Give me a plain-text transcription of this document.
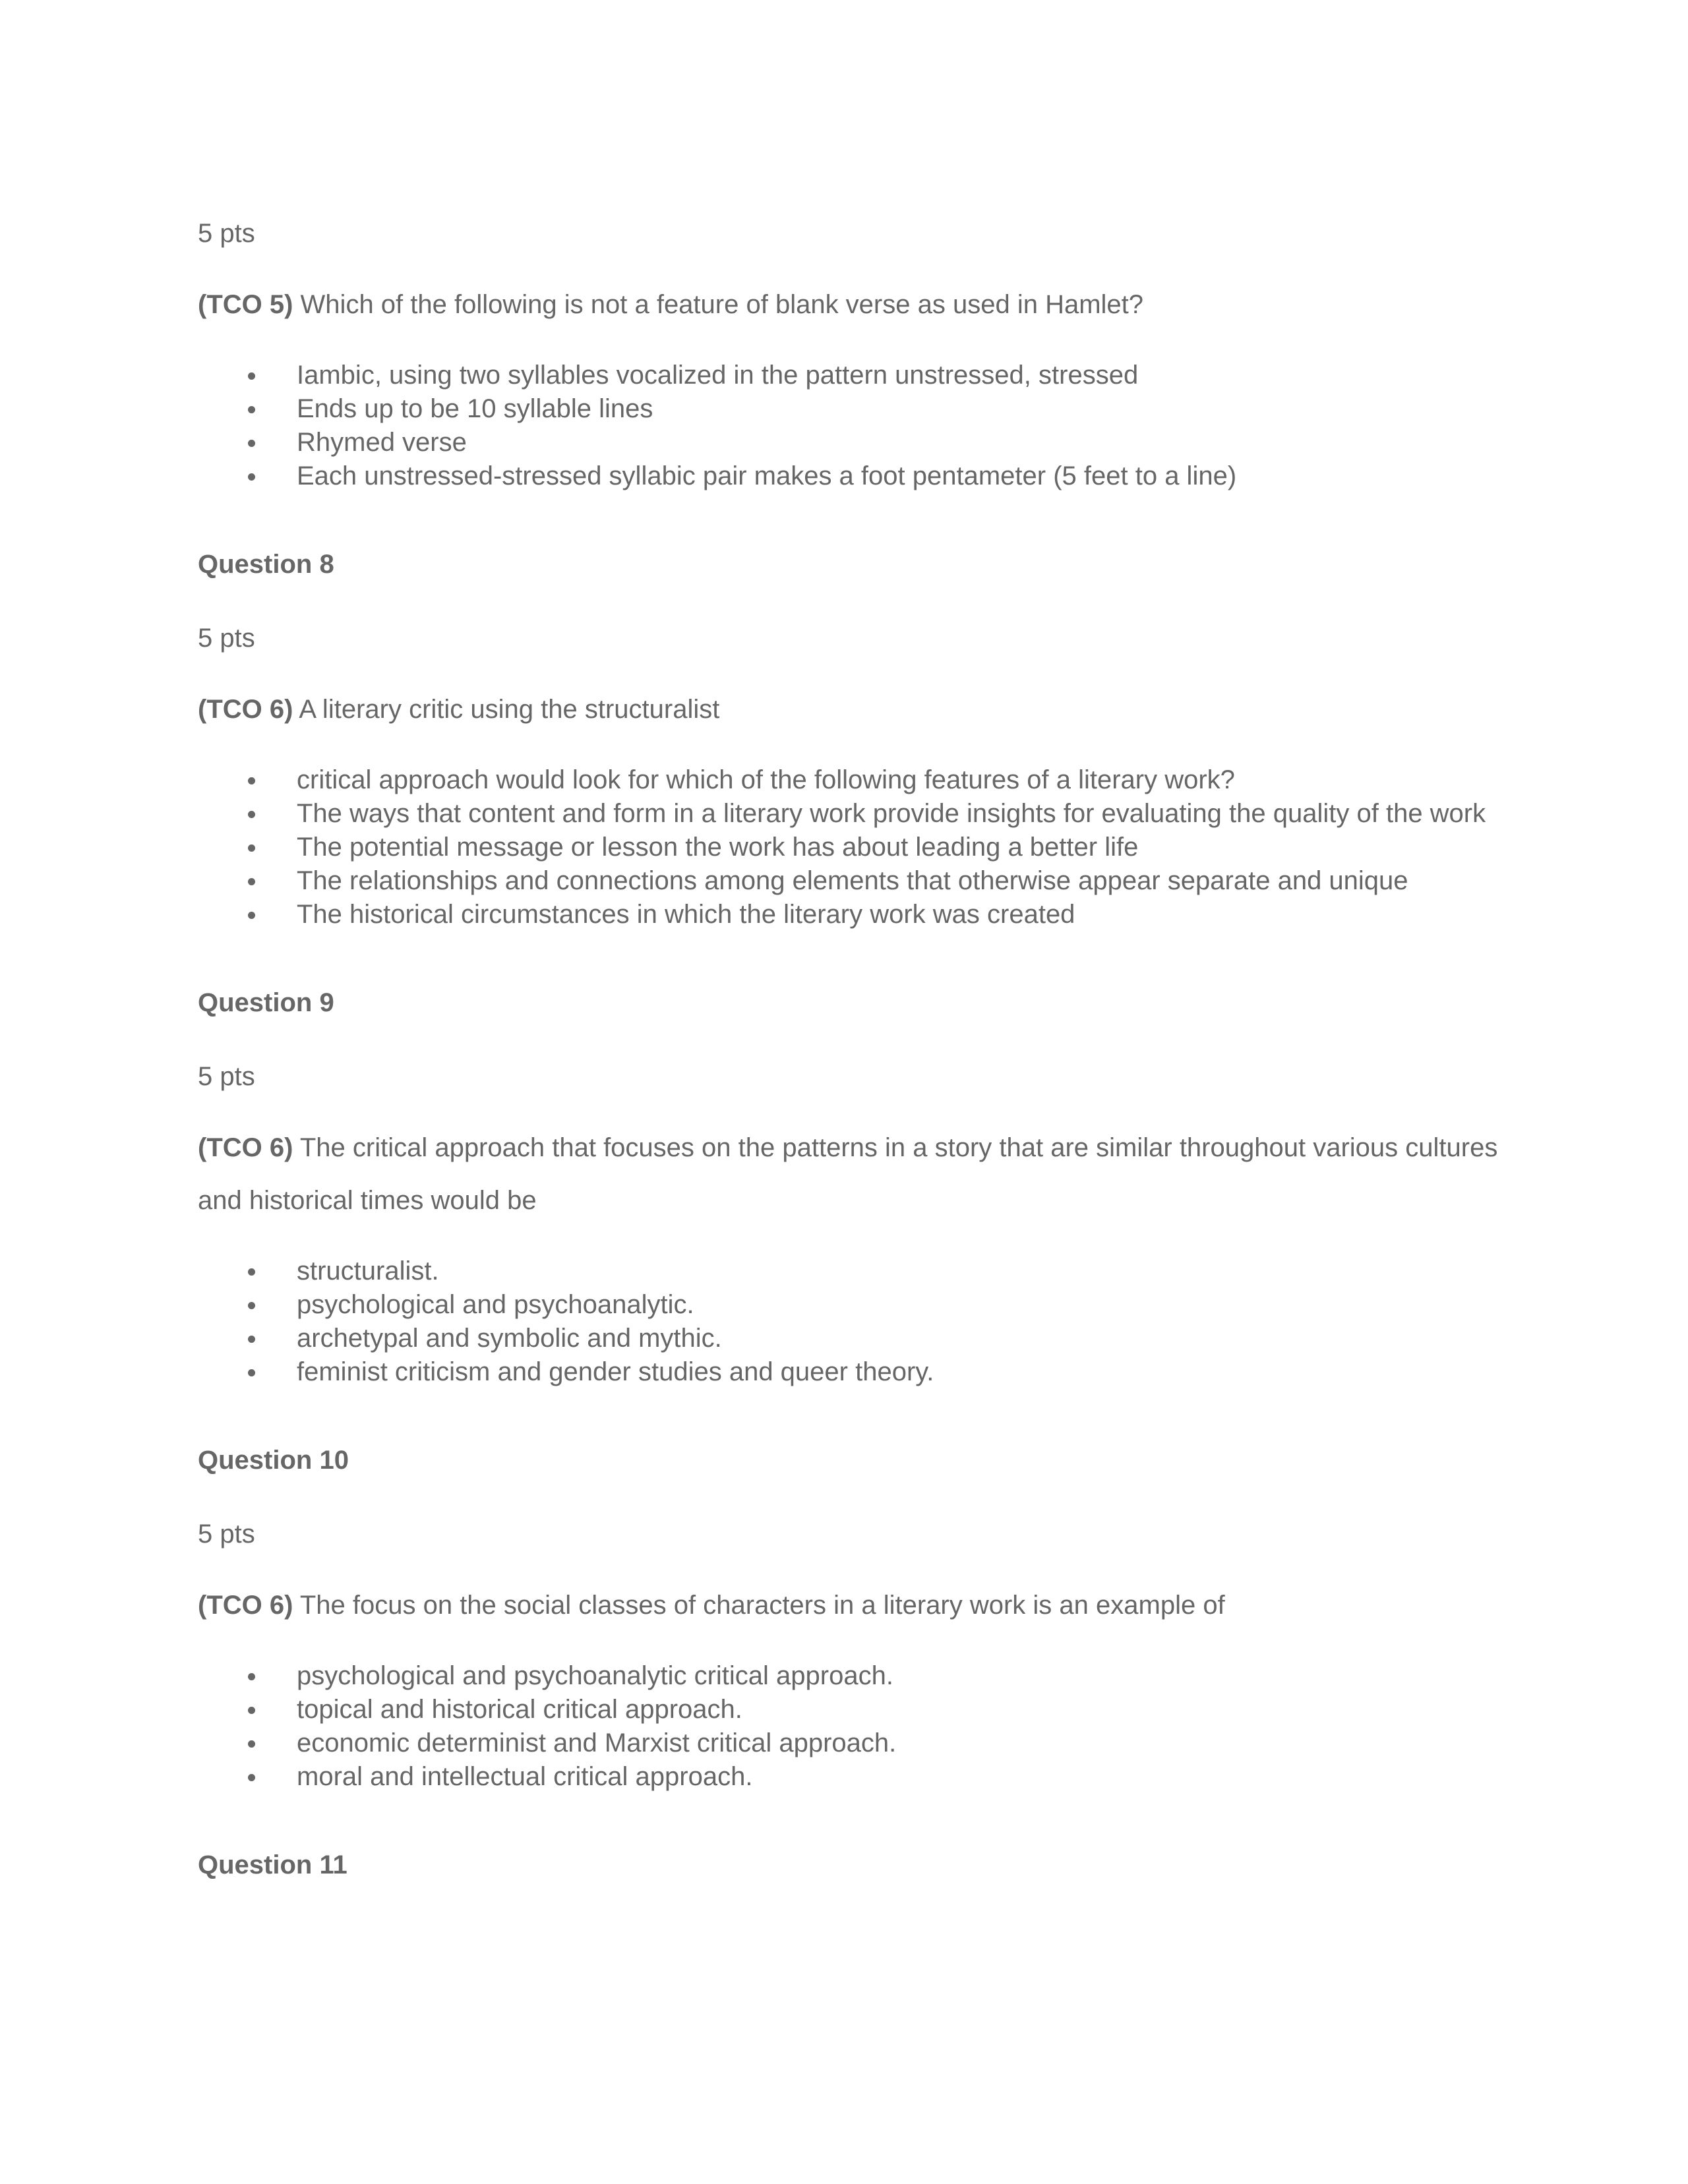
5 pts

(TCO 5) Which of the following is not a feature of blank verse as used in Hamlet?

Iambic, using two syllables vocalized in the pattern unstressed, stressed
Ends up to be 10 syllable lines
Rhymed verse
Each unstressed-stressed syllabic pair makes a foot pentameter (5 feet to a line)
Question 8

5 pts

(TCO 6) A literary critic using the structuralist

critical approach would look for which of the following features of a literary work?
The ways that content and form in a literary work provide insights for evaluating the quality of the work
The potential message or lesson the work has about leading a better life
The relationships and connections among elements that otherwise appear separate and unique
The historical circumstances in which the literary work was created
Question 9

5 pts

(TCO 6) The critical approach that focuses on the patterns in a story that are similar throughout various cultures and historical times would be

structuralist.
psychological and psychoanalytic.
archetypal and symbolic and mythic.
feminist criticism and gender studies and queer theory.
Question 10

5 pts

(TCO 6) The focus on the social classes of characters in a literary work is an example of

psychological and psychoanalytic critical approach.
topical and historical critical approach.
economic determinist and Marxist critical approach.
moral and intellectual critical approach.
Question 11
